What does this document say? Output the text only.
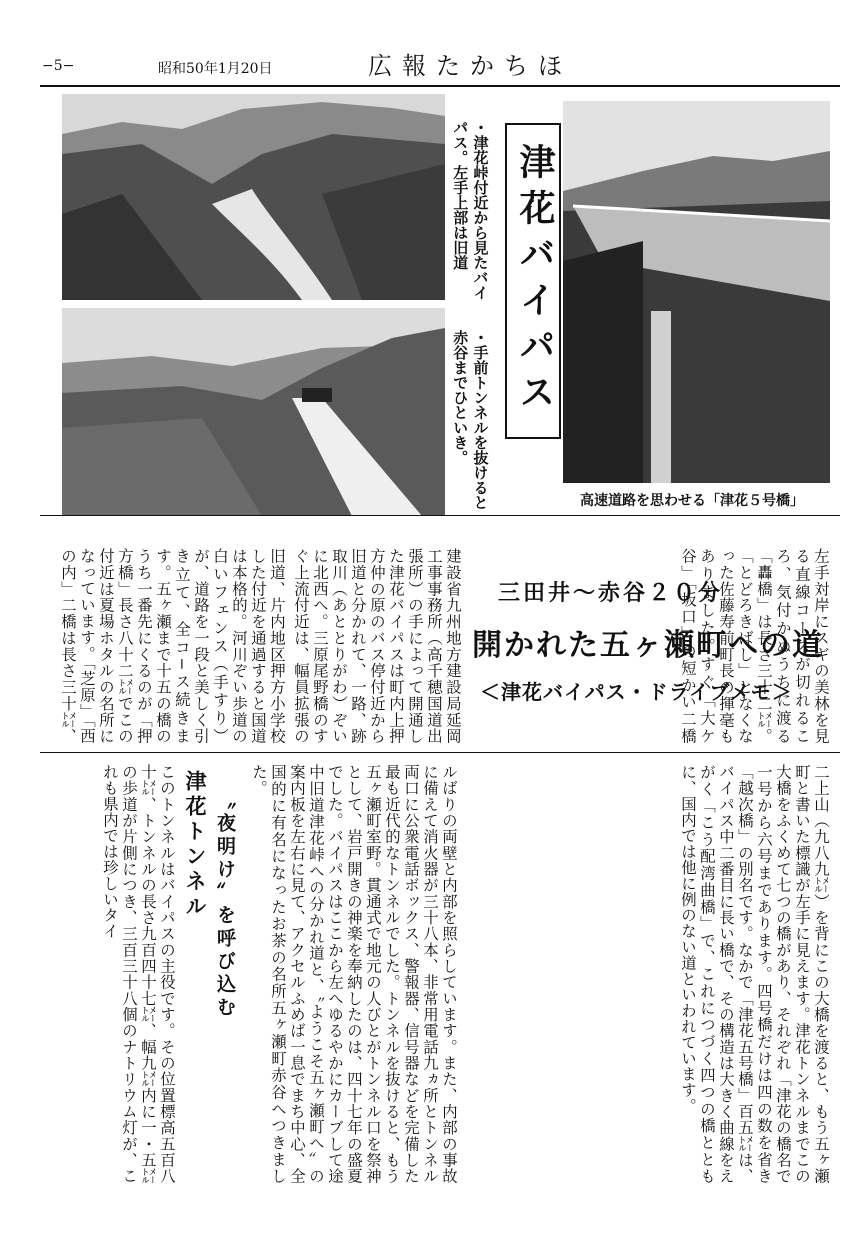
−5−	昭和50年1月20日	広報たかちほ
・津花峠付近から見たバイパス。左手上部は旧道
・手前トンネルを抜けると赤谷までひといき。	津花バイパス
高速道路を思わせる「津花５号橋」
建設省九州地方建設局延岡工事事務所（高千穂国道出張所）の手によって開通した津花バイパスは町内上押方仲の原のバス停付近から旧道と分かれて、一路、跡取川（あととりがわ）ぞいに北西へ。三原尾野橋のすぐ上流付近は、幅員拡張の
旧道、片内地区押方小学校した付近を通過すると国道は本格的。河川ぞい歩道の白いフェンス（手すり）が、道路を一段と美しく引き立て、全コ−ス続きます。五ヶ瀬まで十五の橋のうち一番先にくるのが「押方橋」長さ八十二㍍でこの付近は夏場ホタルの名所になっています。「芝原」「西の内」二橋は長さ三十㍍、
三田井〜赤谷２０分
開かれた五ヶ瀬町への道
＜津花バイパス・ドライブメモ＞
左手対岸にスギの美林を見る直線コースが切れるころ、気付かぬうちに渡る「轟橋」は長さ三十二㍍。「とどろきばし」となくなった佐藤寿前町長の揮毫もありました。すぐ「大ケ谷」「坂口」の短かい二橋
二上山（九八九㍍）を背にこの大橋を渡ると、もう五ヶ瀬町と書いた標識が左手に見えます。津花トンネルまでこの大橋をふくめて七つの橋があり、それぞれ「津花の橋名で一号から六号まであります。四号橋だけは四の数を省き「越次橋」の別名です。なかで「津花五号橋」百五㍍は、バイパス中二番目に長い橋で、その構造は大きく曲線をえがく「こう配湾曲橋」で、これにつづく四つの橋とともに、国内では他に例のない道といわれています。
津花トンネル 〝夜明け〟を呼び込む
このトンネルはバイパスの主役です。その位置標高五百八十㍍、トンネルの長さ九百四十七㍍、幅九㍍内に一・五㍍の歩道が片側につき、三百三十八個のナトリウム灯が、これも県内では珍しいタイ	ルばりの両壁と内部を照らしています。また、内部の事故に備えて消火器が三十八本、非常用電話九ヵ所とトンネル両口に公衆電話ボックス、警報器、信号器などを完備した最も近代的なトンネルでした。トンネルを抜けると、もう五ヶ瀬町室野。貫通式で地元の人びとがトンネル口を祭神として、岩戸開きの神楽を奉納したのは、四十七年の盛夏でした。バイパスはここから左へゆるやかにカーブして途中旧道津花峠への分かれ道と、〝ようこそ五ヶ瀬町へ〟の案内板を左右に見て、アクセルふめば一息でまち中心、全国的に有名になったお茶の名所五ヶ瀬町赤谷へつきました。
